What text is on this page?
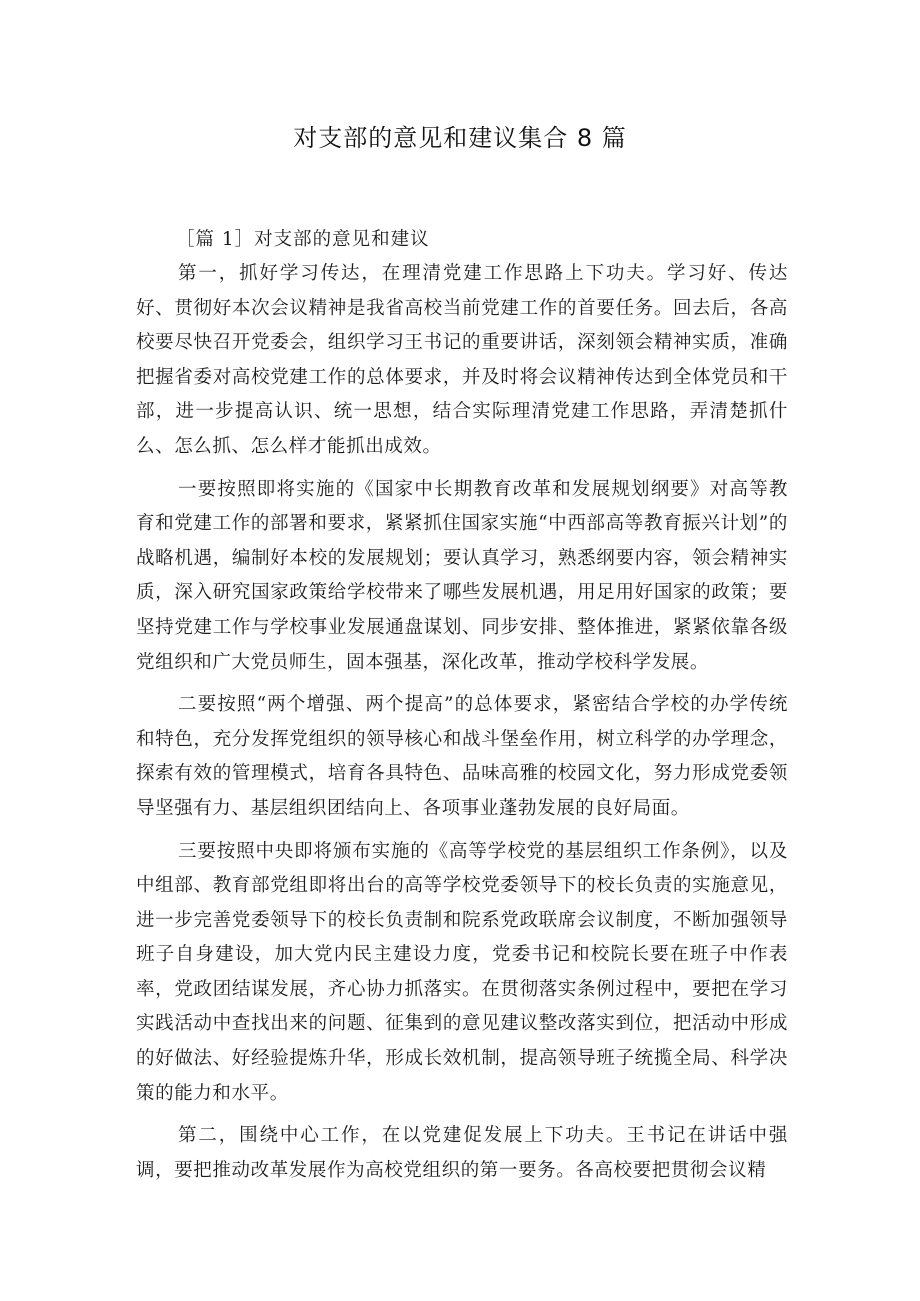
对支部的意见和建议集合 8 篇

［篇 1］对支部的意见和建议

第一，抓好学习传达，在理清党建工作思路上下功夫。学习好、传达好、贯彻好本次会议精神是我省高校当前党建工作的首要任务。回去后，各高校要尽快召开党委会，组织学习王书记的重要讲话，深刻领会精神实质，准确把握省委对高校党建工作的总体要求，并及时将会议精神传达到全体党员和干部，进一步提高认识、统一思想，结合实际理清党建工作思路，弄清楚抓什么、怎么抓、怎么样才能抓出成效。

一要按照即将实施的《国家中长期教育改革和发展规划纲要》对高等教育和党建工作的部署和要求，紧紧抓住国家实施“中西部高等教育振兴计划”的战略机遇，编制好本校的发展规划；要认真学习，熟悉纲要内容，领会精神实质，深入研究国家政策给学校带来了哪些发展机遇，用足用好国家的政策；要坚持党建工作与学校事业发展通盘谋划、同步安排、整体推进，紧紧依靠各级党组织和广大党员师生，固本强基，深化改革，推动学校科学发展。

二要按照“两个增强、两个提高”的总体要求，紧密结合学校的办学传统和特色，充分发挥党组织的领导核心和战斗堡垒作用，树立科学的办学理念，探索有效的管理模式，培育各具特色、品味高雅的校园文化，努力形成党委领导坚强有力、基层组织团结向上、各项事业蓬勃发展的良好局面。

三要按照中央即将颁布实施的《高等学校党的基层组织工作条例》，以及中组部、教育部党组即将出台的高等学校党委领导下的校长负责的实施意见，进一步完善党委领导下的校长负责制和院系党政联席会议制度，不断加强领导班子自身建设，加大党内民主建设力度，党委书记和校院长要在班子中作表率，党政团结谋发展，齐心协力抓落实。在贯彻落实条例过程中，要把在学习实践活动中查找出来的问题、征集到的意见建议整改落实到位，把活动中形成的好做法、好经验提炼升华，形成长效机制，提高领导班子统揽全局、科学决策的能力和水平。

第二，围绕中心工作，在以党建促发展上下功夫。王书记在讲话中强调，要把推动改革发展作为高校党组织的第一要务。各高校要把贯彻会议精
